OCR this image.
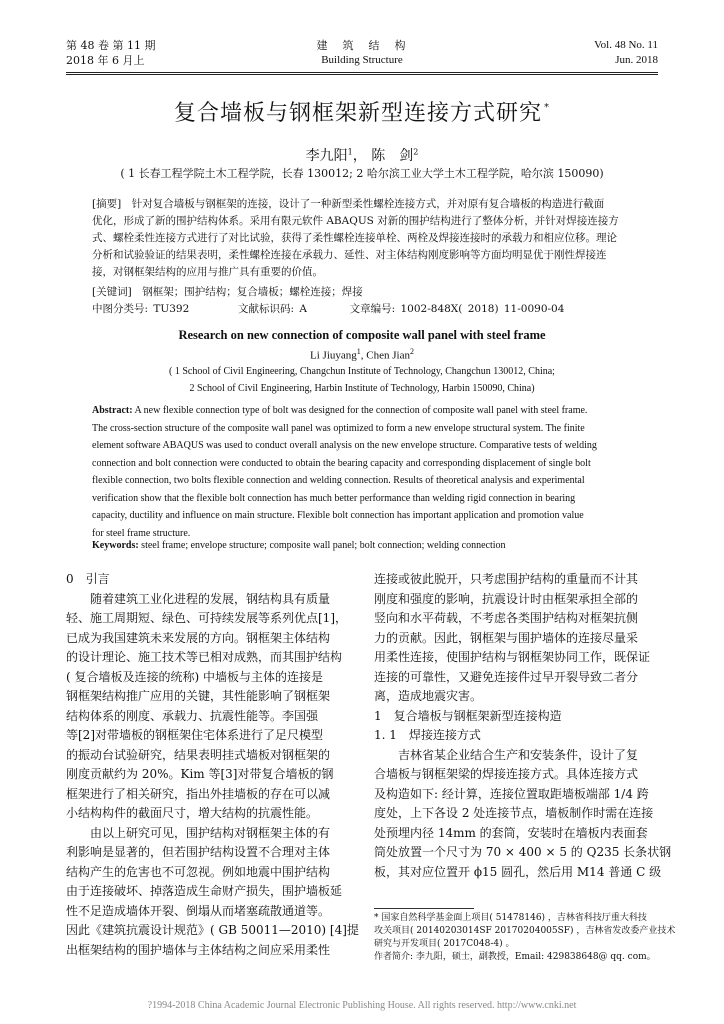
第 48 卷 第 11 期
2018 年 6 月上
建　筑　结　构
Building Structure
Vol. 48 No. 11
Jun. 2018
复合墙板与钢框架新型连接方式研究 *
李九阳$^1$， 陈　剑$^2$
( 1 长春工程学院土木工程学院，长春 130012; 2 哈尔滨工业大学土木工程学院，哈尔滨 150090)
[摘要]　针对复合墙板与钢框架的连接，设计了一种新型柔性螺栓连接方式，并对原有复合墙板的构造进行截面
优化，形成了新的围护结构体系。采用有限元软件 ABAQUS 对新的围护结构进行了整体分析，并针对焊接连接方
式、螺栓柔性连接方式进行了对比试验，获得了柔性螺栓连接单栓、两栓及焊接连接时的承载力和相应位移。理论
分析和试验验证的结果表明，柔性螺栓连接在承载力、延性、对主体结构刚度影响等方面均明显优于刚性焊接连
接，对钢框架结构的应用与推广具有重要的价值。
[关键词]　钢框架；围护结构；复合墙板；螺栓连接；焊接
中图分类号: TU392	文献标识码: A	文章编号: 1002-848X( 2018) 11-0090-04
Research on new connection of composite wall panel with steel frame
Li Jiuyang$^1$, Chen Jian$^2$
( 1 School of Civil Engineering, Changchun Institute of Technology, Changchun 130012, China;
2 School of Civil Engineering, Harbin Institute of Technology, Harbin 150090, China)
Abstract: A new flexible connection type of bolt was designed for the connection of composite wall panel with steel frame.
The cross-section structure of the composite wall panel was optimized to form a new envelope structural system. The finite
element software ABAQUS was used to conduct overall analysis on the new envelope structure. Comparative tests of welding
connection and bolt connection were conducted to obtain the bearing capacity and corresponding displacement of single bolt
flexible connection, two bolts flexible connection and welding connection. Results of theoretical analysis and experimental
verification show that the flexible bolt connection has much better performance than welding rigid connection in bearing
capacity, ductility and influence on main structure. Flexible bolt connection has important application and promotion value
for steel frame structure.
Keywords: steel frame; envelope structure; composite wall panel; bolt connection; welding connection
0　引言
随着建筑工业化进程的发展，钢结构具有质量
轻、施工周期短、绿色、可持续发展等系列优点[1]，
已成为我国建筑未来发展的方向。钢框架主体结构
的设计理论、施工技术等已相对成熟，而其围护结构
( 复合墙板及连接的统称) 中墙板与主体的连接是
钢框架结构推广应用的关键，其性能影响了钢框架
结构体系的刚度、承载力、抗震性能等。李国强
等[2]对带墙板的钢框架住宅体系进行了足尺模型
的振动台试验研究，结果表明挂式墙板对钢框架的
刚度贡献约为 20%。Kim 等[3]对带复合墙板的钢
框架进行了相关研究，指出外挂墙板的存在可以减
小结构构件的截面尺寸，增大结构的抗震性能。
由以上研究可见，围护结构对钢框架主体的有
利影响是显著的，但若围护结构设置不合理对主体
结构产生的危害也不可忽视。例如地震中围护结构
由于连接破坏、掉落造成生命财产损失，围护墙板延
性不足造成墙体开裂、倒塌从而堵塞疏散通道等。
因此《建筑抗震设计规范》( GB 50011—2010) [4]提
出框架结构的围护墙体与主体结构之间应采用柔性
连接或彼此脱开，只考虑围护结构的重量而不计其
刚度和强度的影响，抗震设计时由框架承担全部的
竖向和水平荷载，不考虑各类围护结构对框架抗侧
力的贡献。因此，钢框架与围护墙体的连接尽量采
用柔性连接，使围护结构与钢框架协同工作，既保证
连接的可靠性，又避免连接件过早开裂导致二者分
离，造成地震灾害。
1　复合墙板与钢框架新型连接构造
1. 1　焊接连接方式
吉林省某企业结合生产和安装条件，设计了复
合墙板与钢框架梁的焊接连接方式。具体连接方式
及构造如下: 经计算，连接位置取距墙板端部 1/4 跨
度处，上下各设 2 处连接节点，墙板制作时需在连接
处预埋内径 14mm 的套筒，安装时在墙板内表面套
筒处放置一个尺寸为 70 × 400 × 5 的 Q235 长条状钢
板，其对应位置开 ϕ15 圆孔，然后用 M14 普通 C 级
* 国家自然科学基金面上项目( 51478146) ，吉林省科技厅重大科技
攻关项目( 20140203014SF 20170204005SF) ，吉林省发改委产业技术
研究与开发项目( 2017C048-4) 。
作者简介: 李九阳，硕士，副教授，Email: 429838648@ qq. com。
?1994-2018 China Academic Journal Electronic Publishing House. All rights reserved. http://www.cnki.net
